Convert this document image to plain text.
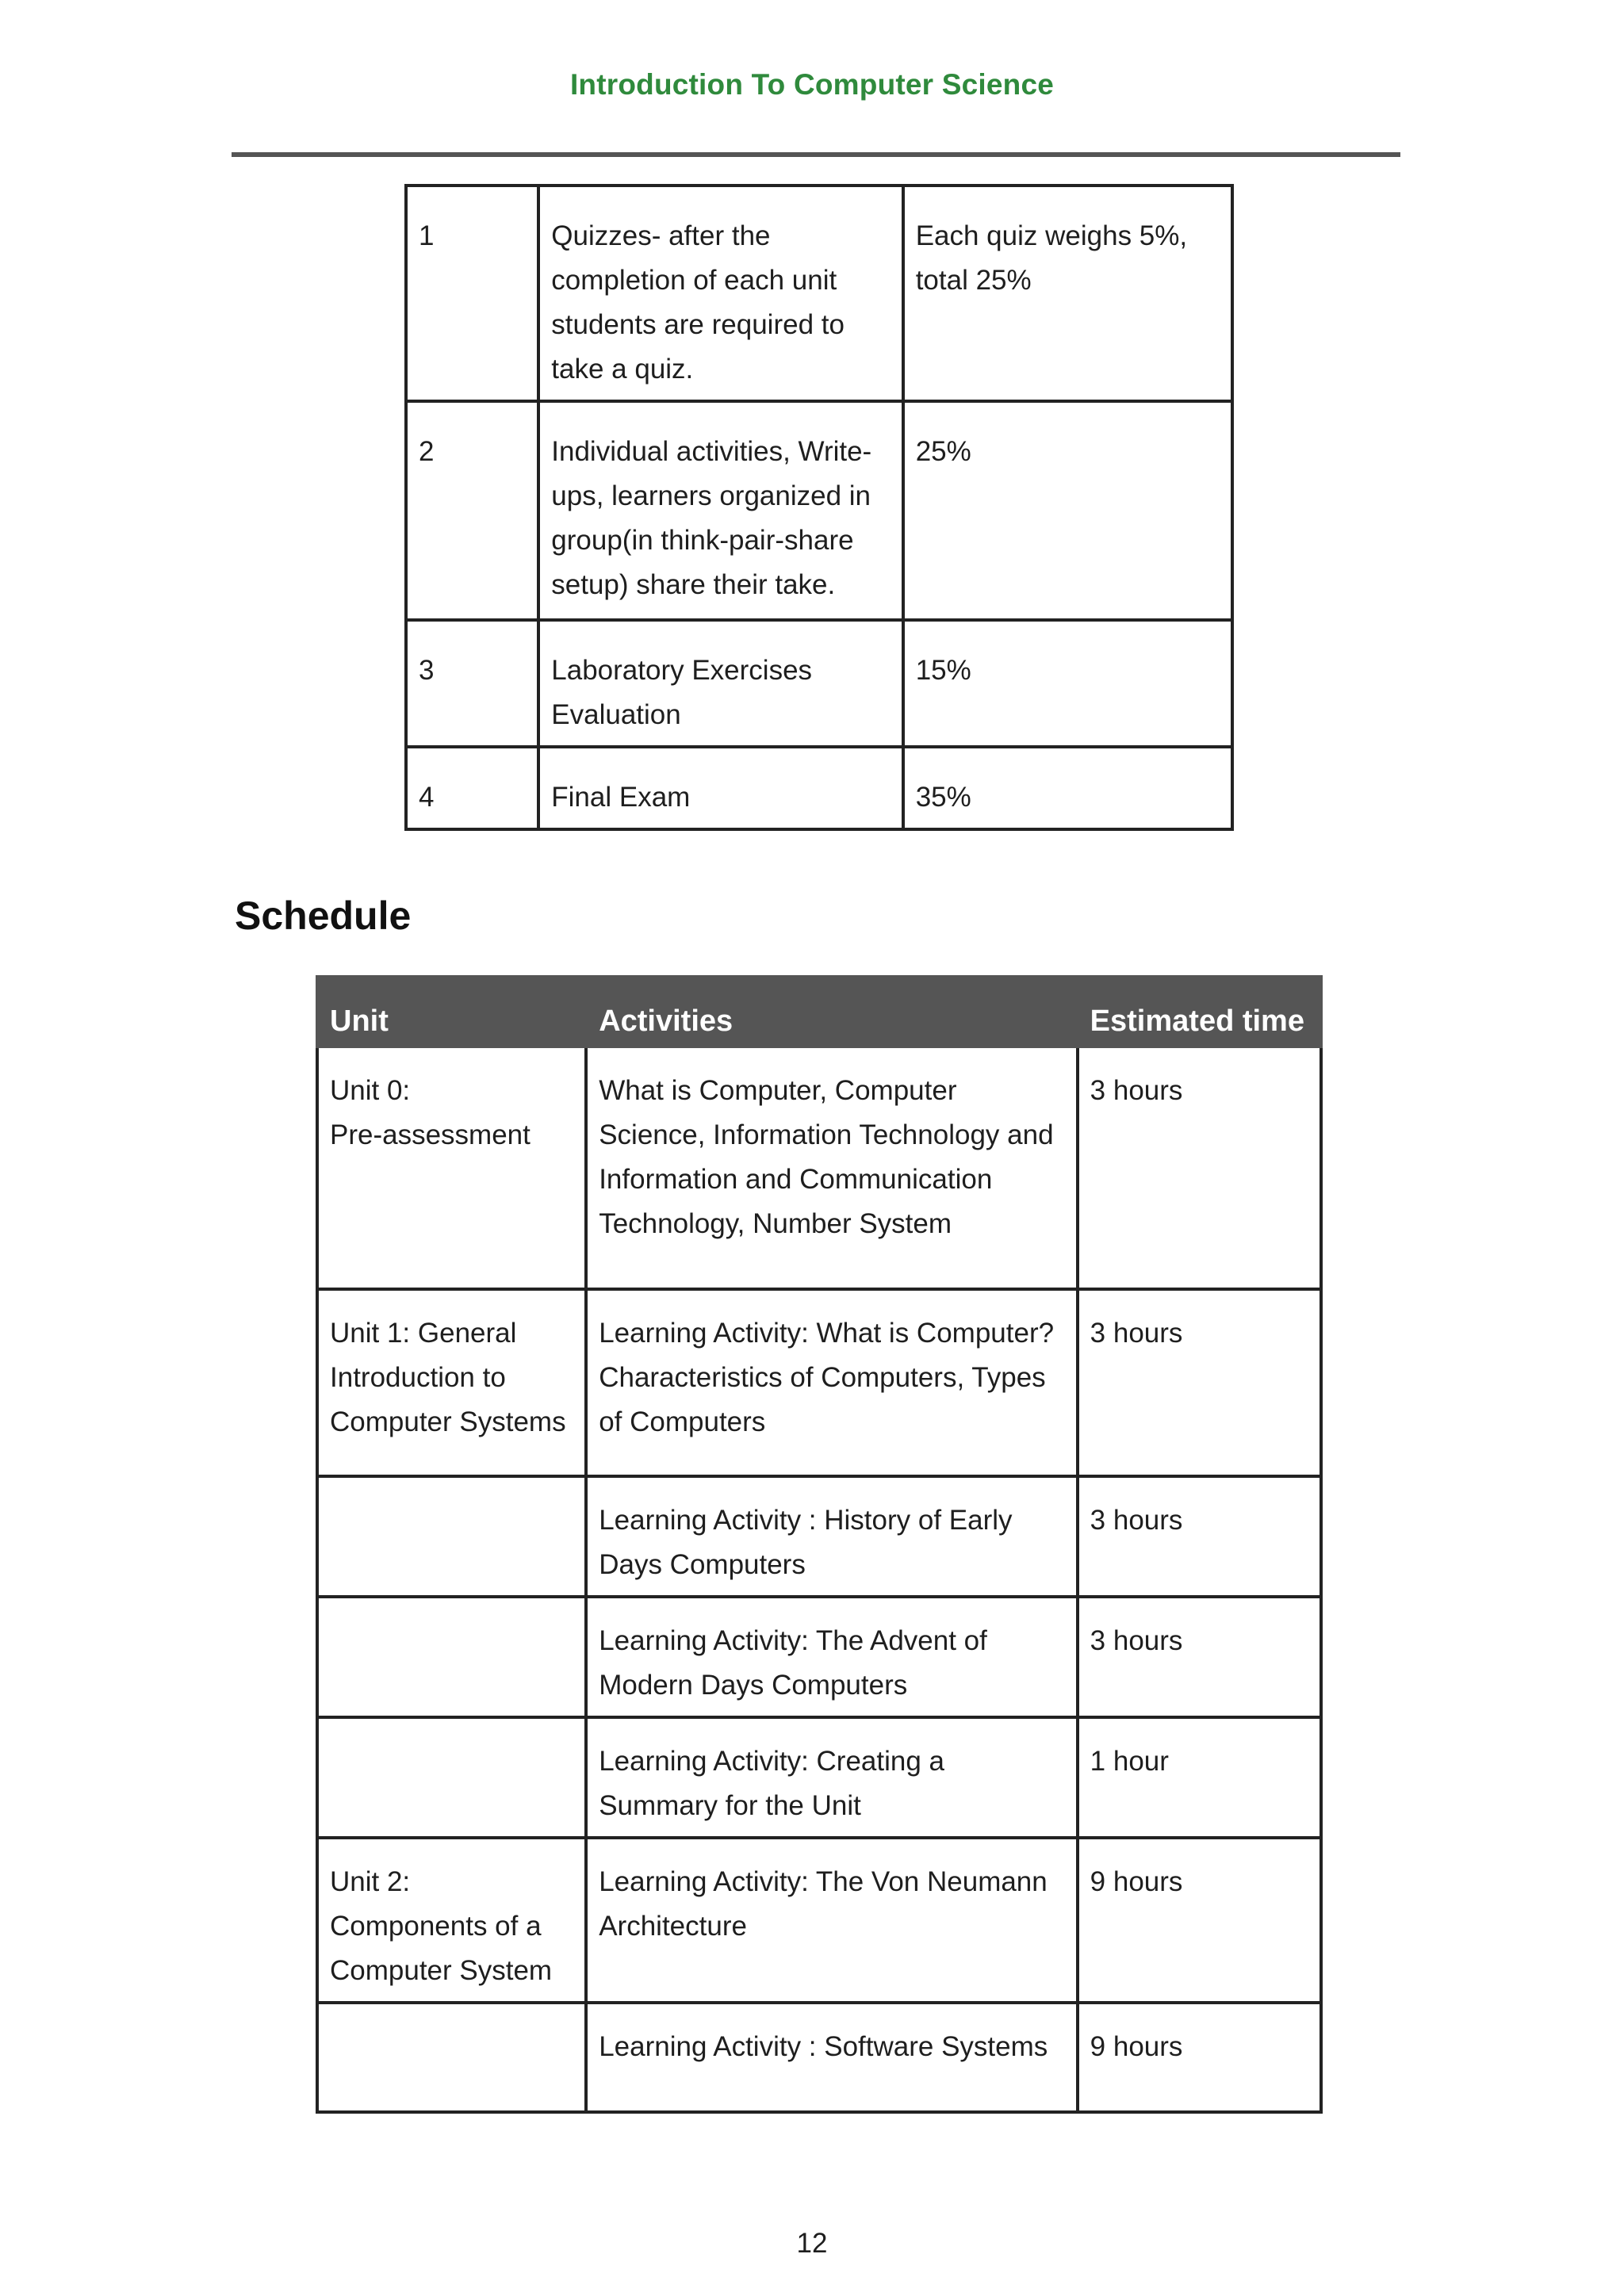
Introduction To Computer Science
1	Quizzes- after the completion of each unit students are required to take a quiz.	Each quiz weighs 5%, total 25%
2	Individual activities, Write-ups, learners organized in group(in think-pair-share setup) share their take.	25%
3	Laboratory Exercises Evaluation	15%
4	Final Exam	35%
Schedule
Unit	Activities	Estimated time

Unit 0:
Pre-assessment	What is Computer, Computer Science, Information Technology and Information and Communication Technology, Number System	3 hours

Unit 1: General Introduction to Computer Systems	Learning Activity: What is Computer? Characteristics of Computers, Types of Computers	3 hours

	Learning Activity : History of Early Days Computers	3 hours

	Learning Activity: The Advent of Modern Days Computers	3 hours

	Learning Activity: Creating a Summary for the Unit	1 hour

Unit 2:
Components of a Computer System	Learning Activity: The Von Neumann Architecture	9 hours

	Learning Activity : Software Systems	9 hours
12
